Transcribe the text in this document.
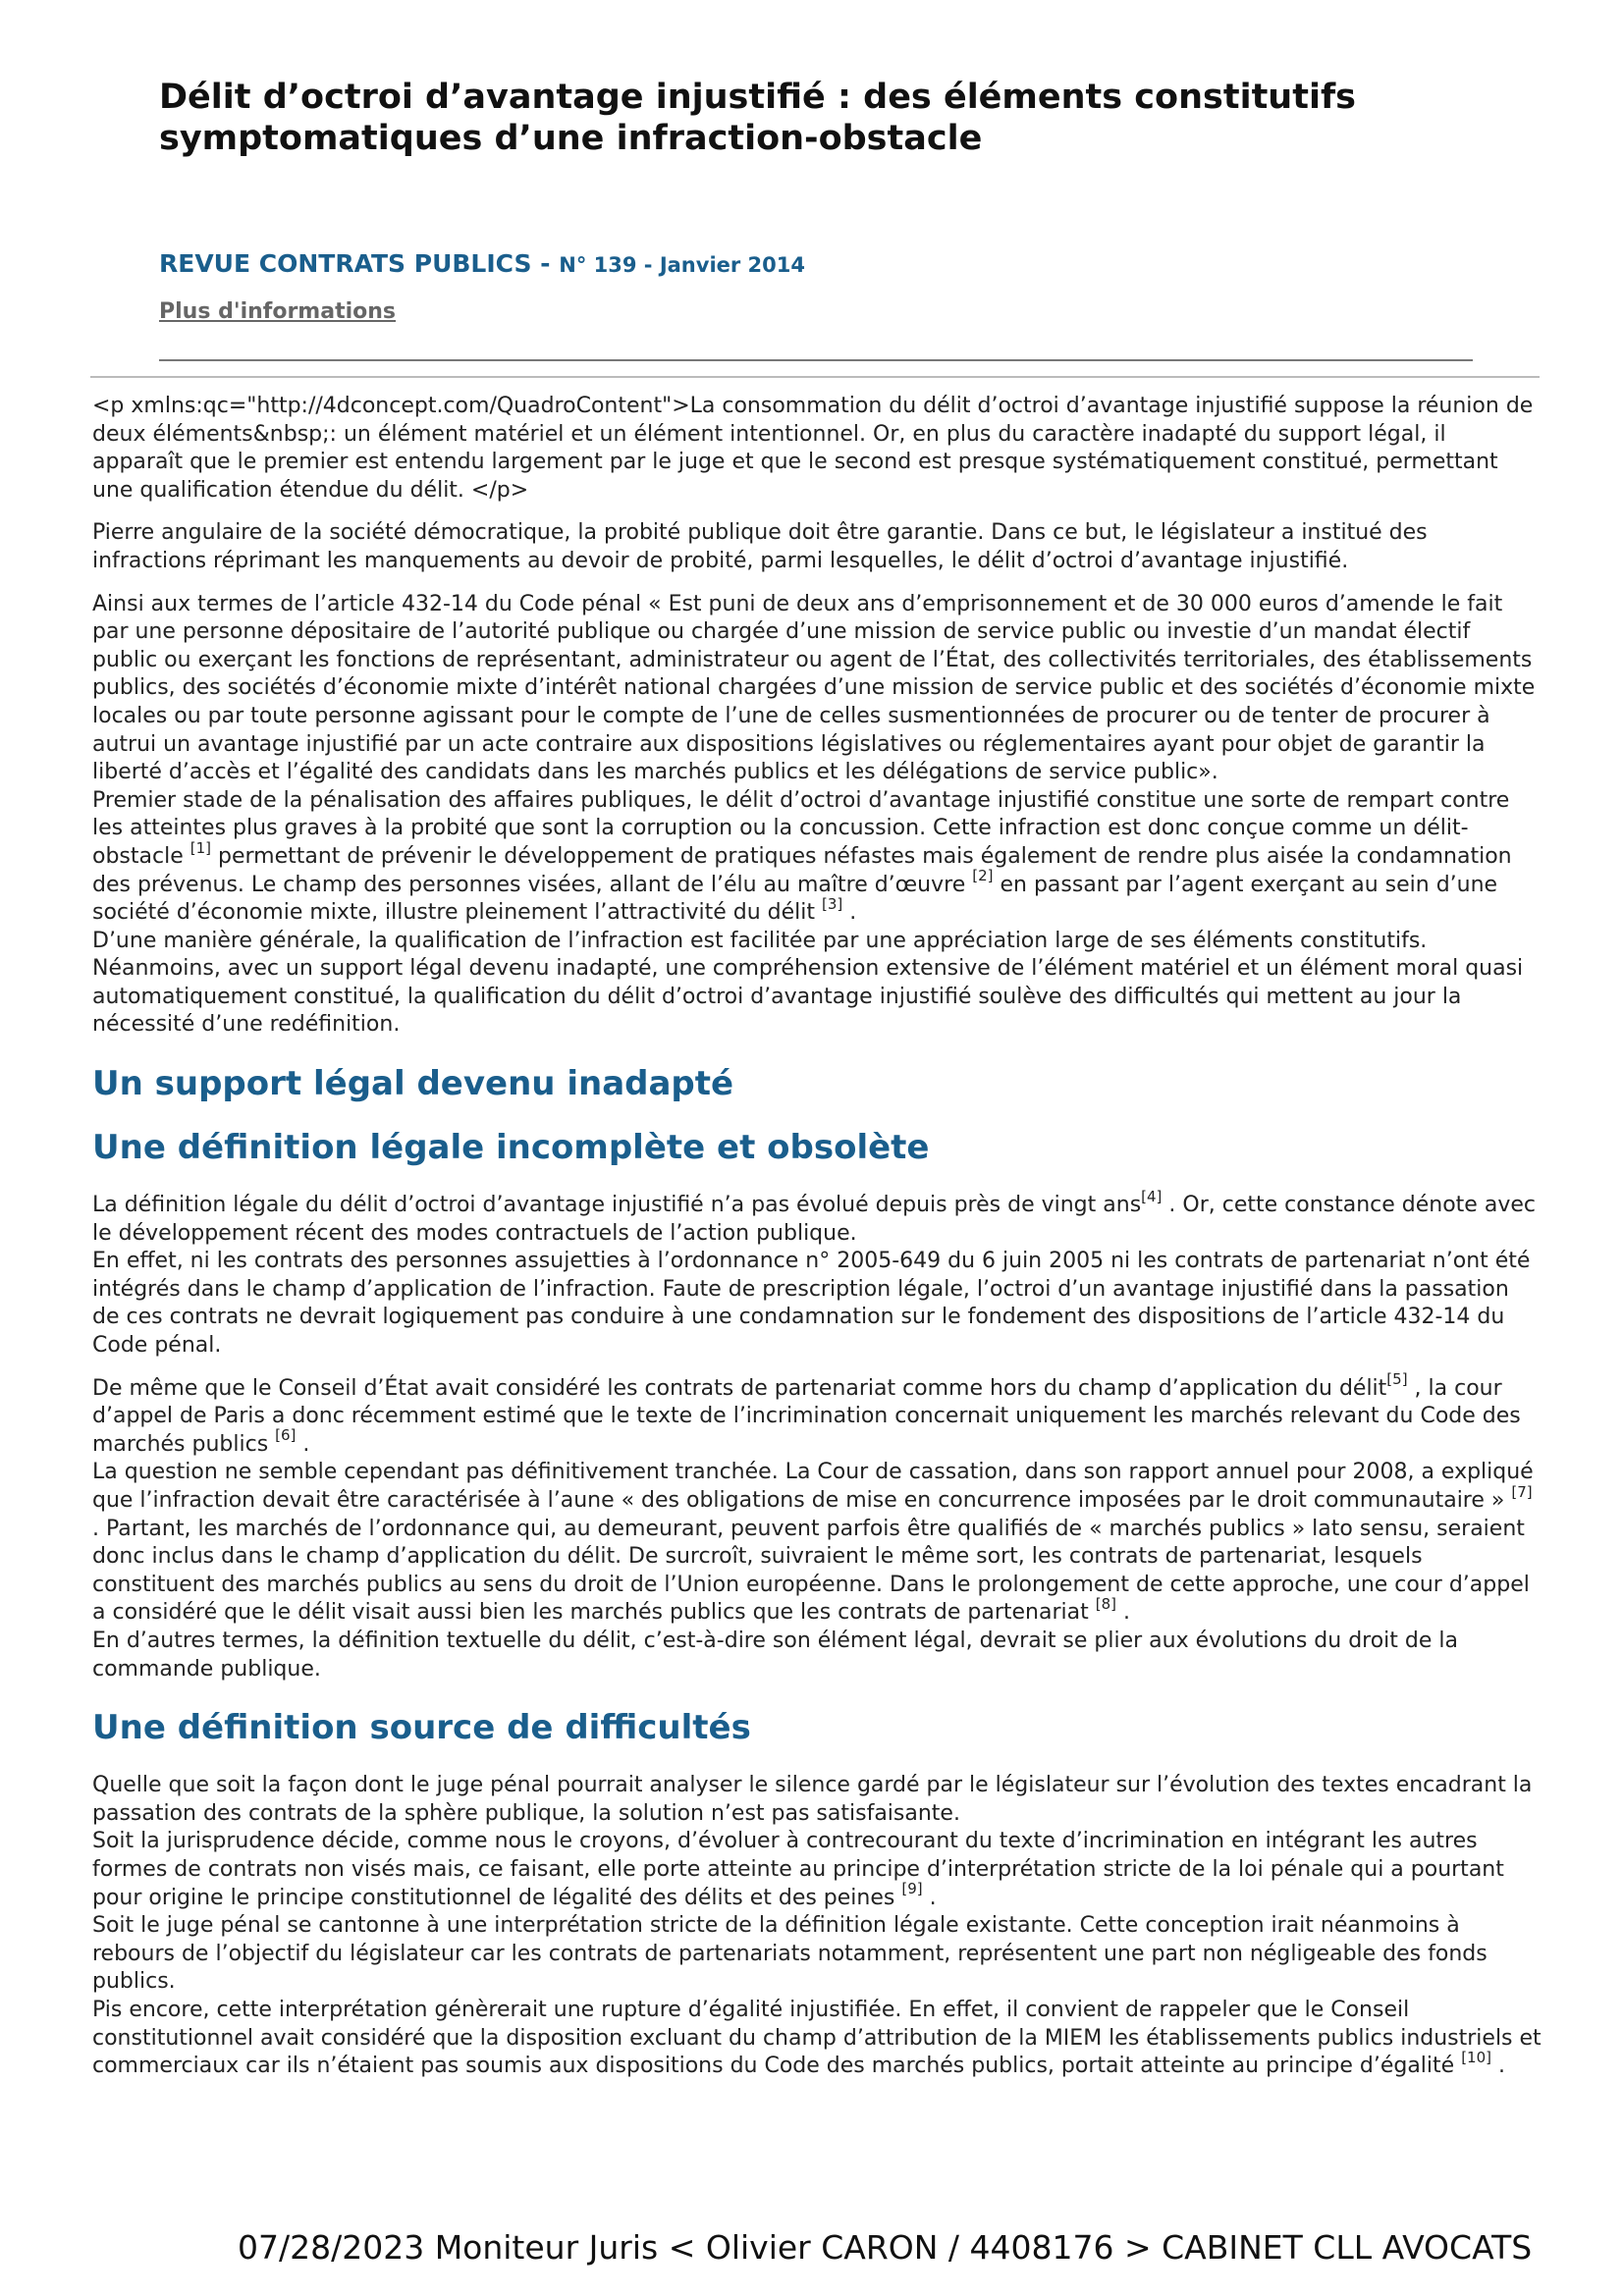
Délit d’octroi d’avantage injustifié : des éléments constitutifs symptomatiques d’une infraction-obstacle
REVUE CONTRATS PUBLICS - N° 139 - Janvier 2014
Plus d'informations

<p xmlns:qc="http://4dconcept.com/QuadroContent">La consommation du délit d’octroi d’avantage injustifié suppose la réunion de deux éléments&nbsp;: un élément matériel et un élément intentionnel. Or, en plus du caractère inadapté du support légal, il apparaît que le premier est entendu largement par le juge et que le second est presque systématiquement constitué, permettant une qualification étendue du délit. </p>

Pierre angulaire de la société démocratique, la probité publique doit être garantie. Dans ce but, le législateur a institué des infractions réprimant les manquements au devoir de probité, parmi lesquelles, le délit d’octroi d’avantage injustifié.

Ainsi aux termes de l’article 432-14 du Code pénal « Est puni de deux ans d’emprisonnement et de 30 000 euros d’amende le fait par une personne dépositaire de l’autorité publique ou chargée d’une mission de service public ou investie d’un mandat électif public ou exerçant les fonctions de représentant, administrateur ou agent de l’État, des collectivités territoriales, des établissements publics, des sociétés d’économie mixte d’intérêt national chargées d’une mission de service public et des sociétés d’économie mixte locales ou par toute personne agissant pour le compte de l’une de celles susmentionnées de procurer ou de tenter de procurer à autrui un avantage injustifié par un acte contraire aux dispositions législatives ou réglementaires ayant pour objet de garantir la liberté d’accès et l’égalité des candidats dans les marchés publics et les délégations de service public».

Premier stade de la pénalisation des affaires publiques, le délit d’octroi d’avantage injustifié constitue une sorte de rempart contre les atteintes plus graves à la probité que sont la corruption ou la concussion. Cette infraction est donc conçue comme un délit-obstacle [1] permettant de prévenir le développement de pratiques néfastes mais également de rendre plus aisée la condamnation des prévenus. Le champ des personnes visées, allant de l’élu au maître d’œuvre [2] en passant par l’agent exerçant au sein d’une société d’économie mixte, illustre pleinement l’attractivité du délit [3] .

D’une manière générale, la qualification de l’infraction est facilitée par une appréciation large de ses éléments constitutifs. Néanmoins, avec un support légal devenu inadapté, une compréhension extensive de l’élément matériel et un élément moral quasi automatiquement constitué, la qualification du délit d’octroi d’avantage injustifié soulève des difficultés qui mettent au jour la nécessité d’une redéfinition.

Un support légal devenu inadapté
Une définition légale incomplète et obsolète

La définition légale du délit d’octroi d’avantage injustifié n’a pas évolué depuis près de vingt ans[4] . Or, cette constance dénote avec le développement récent des modes contractuels de l’action publique.

En effet, ni les contrats des personnes assujetties à l’ordonnance n° 2005-649 du 6 juin 2005 ni les contrats de partenariat n’ont été intégrés dans le champ d’application de l’infraction. Faute de prescription légale, l’octroi d’un avantage injustifié dans la passation de ces contrats ne devrait logiquement pas conduire à une condamnation sur le fondement des dispositions de l’article 432-14 du Code pénal.

De même que le Conseil d’État avait considéré les contrats de partenariat comme hors du champ d’application du délit[5] , la cour d’appel de Paris a donc récemment estimé que le texte de l’incrimination concernait uniquement les marchés relevant du Code des marchés publics [6] .

La question ne semble cependant pas définitivement tranchée. La Cour de cassation, dans son rapport annuel pour 2008, a expliqué que l’infraction devait être caractérisée à l’aune « des obligations de mise en concurrence imposées par le droit communautaire » [7] . Partant, les marchés de l’ordonnance qui, au demeurant, peuvent parfois être qualifiés de « marchés publics » lato sensu, seraient donc inclus dans le champ d’application du délit. De surcroît, suivraient le même sort, les contrats de partenariat, lesquels constituent des marchés publics au sens du droit de l’Union européenne. Dans le prolongement de cette approche, une cour d’appel a considéré que le délit visait aussi bien les marchés publics que les contrats de partenariat [8] .

En d’autres termes, la définition textuelle du délit, c’est-à-dire son élément légal, devrait se plier aux évolutions du droit de la commande publique.

Une définition source de difficultés

Quelle que soit la façon dont le juge pénal pourrait analyser le silence gardé par le législateur sur l’évolution des textes encadrant la passation des contrats de la sphère publique, la solution n’est pas satisfaisante.

Soit la jurisprudence décide, comme nous le croyons, d’évoluer à contrecourant du texte d’incrimination en intégrant les autres formes de contrats non visés mais, ce faisant, elle porte atteinte au principe d’interprétation stricte de la loi pénale qui a pourtant pour origine le principe constitutionnel de légalité des délits et des peines [9] .

Soit le juge pénal se cantonne à une interprétation stricte de la définition légale existante. Cette conception irait néanmoins à rebours de l’objectif du législateur car les contrats de partenariats notamment, représentent une part non négligeable des fonds publics.

Pis encore, cette interprétation génèrerait une rupture d’égalité injustifiée. En effet, il convient de rappeler que le Conseil constitutionnel avait considéré que la disposition excluant du champ d’attribution de la MIEM les établissements publics industriels et commerciaux car ils n’étaient pas soumis aux dispositions du Code des marchés publics, portait atteinte au principe d’égalité [10] .

07/28/2023 Moniteur Juris < Olivier CARON / 4408176 > CABINET CLL AVOCATS
